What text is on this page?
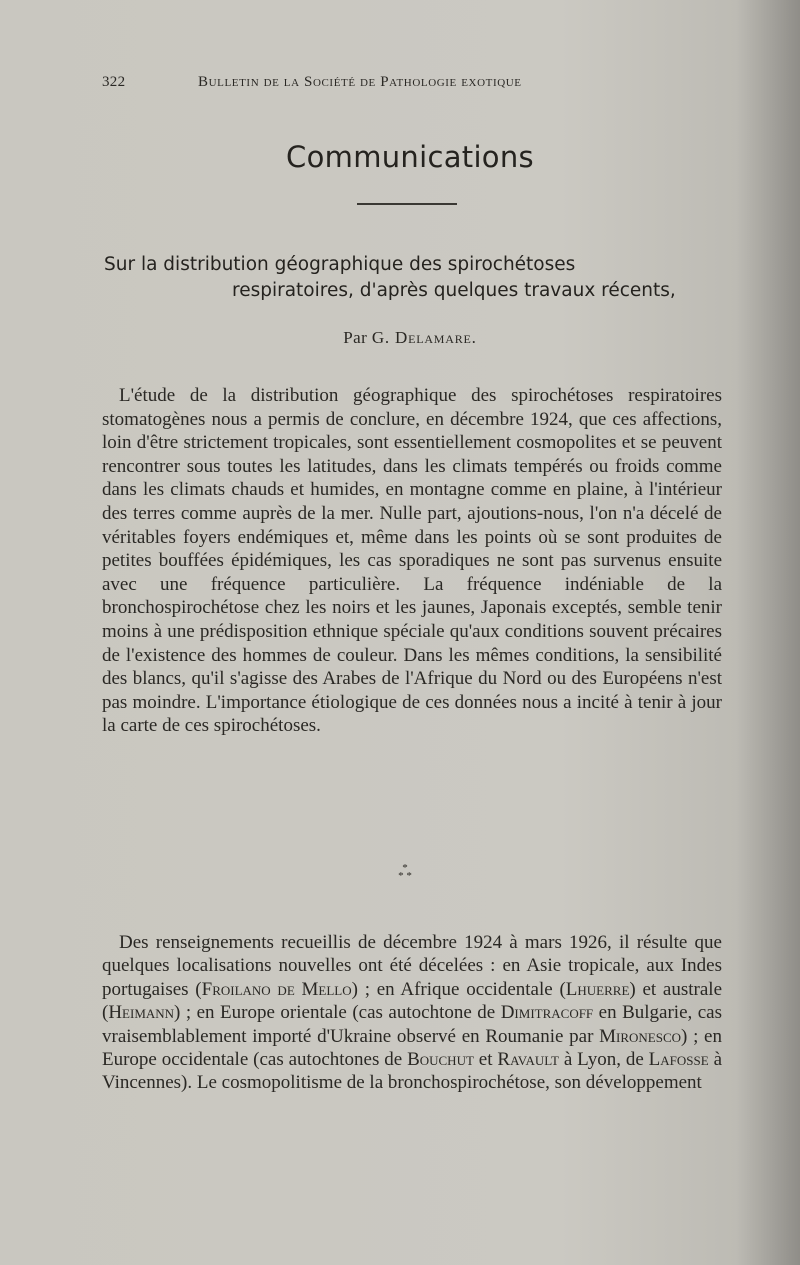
322	Bulletin de la Société de Pathologie exotique
Communications
Sur la distribution géographique des spirochétoses
respiratoires, d'après quelques travaux récents,
Par G. Delamare.
L'étude de la distribution géographique des spirochétoses respiratoires stomatogènes nous a permis de conclure, en décembre 1924, que ces affections, loin d'être strictement tropicales, sont essentiellement cosmopolites et se peuvent rencontrer sous toutes les latitudes, dans les climats tempérés ou froids comme dans les climats chauds et humides, en montagne comme en plaine, à l'intérieur des terres comme auprès de la mer. Nulle part, ajoutions-nous, l'on n'a décelé de véritables foyers endémiques et, même dans les points où se sont produites de petites bouffées épidémiques, les cas sporadiques ne sont pas survenus ensuite avec une fréquence particulière. La fréquence indéniable de la bronchospirochétose chez les noirs et les jaunes, Japonais exceptés, semble tenir moins à une prédisposition ethnique spéciale qu'aux conditions souvent précaires de l'existence des hommes de couleur. Dans les mêmes conditions, la sensibilité des blancs, qu'il s'agisse des Arabes de l'Afrique du Nord ou des Européens n'est pas moindre. L'importance étiologique de ces données nous a incité à tenir à jour la carte de ces spirochétoses.
*
* *
Des renseignements recueillis de décembre 1924 à mars 1926, il résulte que quelques localisations nouvelles ont été décelées : en Asie tropicale, aux Indes portugaises (Froilano de Mello) ; en Afrique occidentale (Lhuerre) et australe (Heimann) ; en Europe orientale (cas autochtone de Dimitracoff en Bulgarie, cas vraisemblablement importé d'Ukraine observé en Roumanie par Mironesco) ; en Europe occidentale (cas autochtones de Bouchut et Ravault à Lyon, de Lafosse à Vincennes). Le cosmopolitisme de la bronchospirochétose, son développement
